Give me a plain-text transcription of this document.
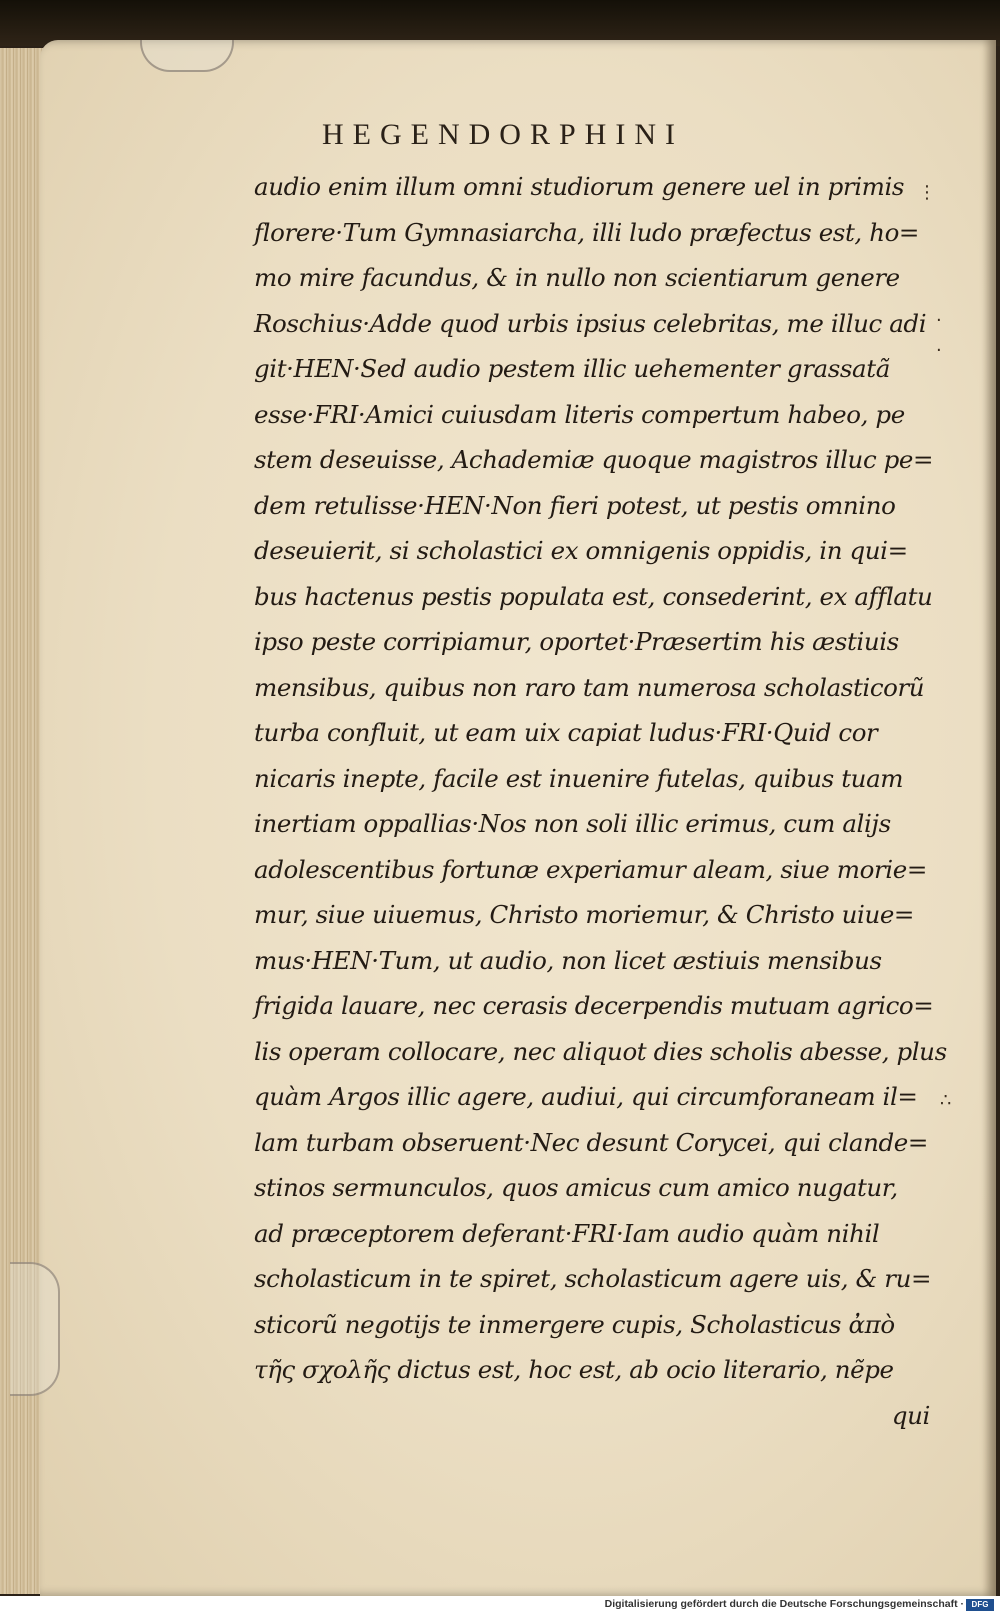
HEGENDORPHINI
audio enim illum omni studiorum genere uel in primis
florere·Tum Gymnasiarcha, illi ludo præfectus est, ho=
mo mire facundus, & in nullo non scientiarum genere
Roschius·Adde quod urbis ipsius celebritas, me illuc adi
git·HEN·Sed audio pestem illic uehementer grassatã
esse·FRI·Amici cuiusdam literis compertum habeo, pe
stem deseuisse, Achademiæ quoque magistros illuc pe=
dem retulisse·HEN·Non fieri potest, ut pestis omnino
deseuierit, si scholastici ex omnigenis oppidis, in qui=
bus hactenus pestis populata est, consederint, ex afflatu
ipso peste corripiamur, oportet·Præsertim his æstiuis
mensibus, quibus non raro tam numerosa scholasticorũ
turba confluit, ut eam uix capiat ludus·FRI·Quid cor
nicaris inepte, facile est inuenire futelas, quibus tuam
inertiam oppallias·Nos non soli illic erimus, cum alijs
adolescentibus fortunæ experiamur aleam, siue morie=
mur, siue uiuemus, Christo moriemur, & Christo uiue=
mus·HEN·Tum, ut audio, non licet æstiuis mensibus
frigida lauare, nec cerasis decerpendis mutuam agrico=
lis operam collocare, nec aliquot dies scholis abesse, plus
quàm Argos illic agere, audiui, qui circumforaneam il=
lam turbam obseruent·Nec desunt Corycei, qui clande=
stinos sermunculos, quos amicus cum amico nugatur,
ad præceptorem deferant·FRI·Iam audio quàm nihil
scholasticum in te spiret, scholasticum agere uis, & ru=
sticorũ negotijs te inmergere cupis, Scholasticus ἀπὸ
τῆς σχολῆς dictus est, hoc est, ab ocio literario, nẽpe
qui
⋮
·
·
∴
Digitalisierung gefördert durch die Deutsche Forschungsgemeinschaft · DFG
